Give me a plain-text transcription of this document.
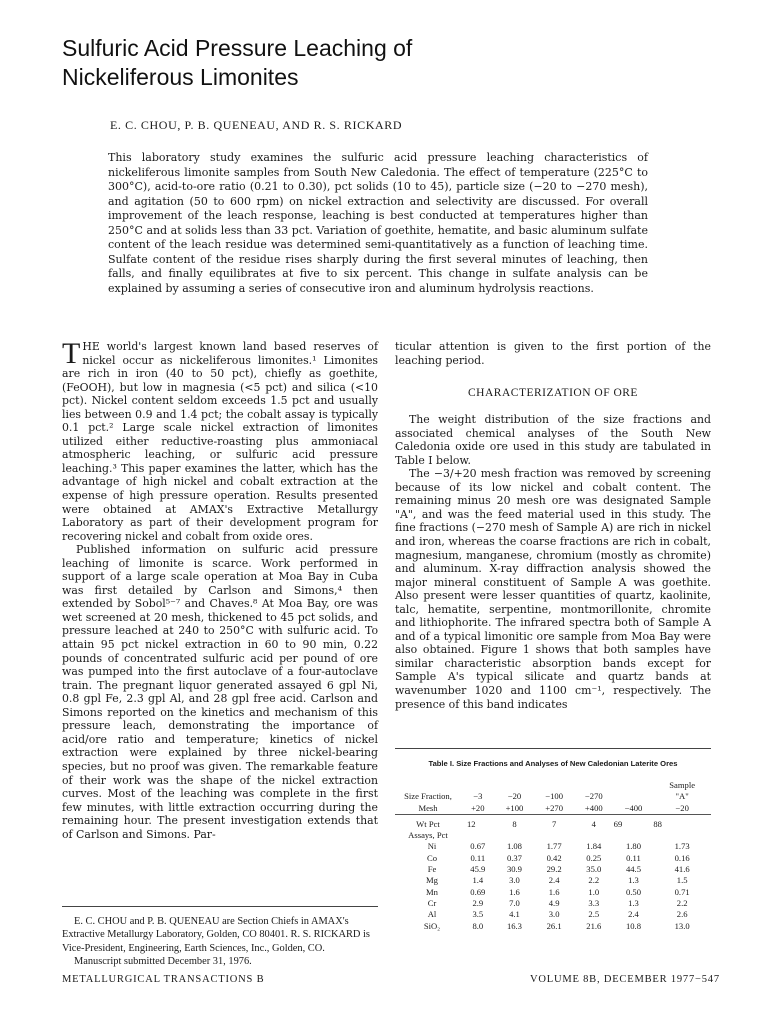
Sulfuric Acid Pressure Leaching of
Nickeliferous Limonites
E. C. CHOU, P. B. QUENEAU, AND R. S. RICKARD

This laboratory study examines the sulfuric acid pressure leaching characteristics of nickeliferous limonite samples from South New Caledonia. The effect of temperature (225°C to 300°C), acid-to-ore ratio (0.21 to 0.30), pct solids (10 to 45), particle size (−20 to −270 mesh), and agitation (50 to 600 rpm) on nickel extraction and selectivity are discussed. For overall improvement of the leach response, leaching is best conducted at temperatures higher than 250°C and at solids less than 33 pct. Variation of goethite, hematite, and basic aluminum sulfate content of the leach residue was determined semi-quantitatively as a function of leaching time. Sulfate content of the residue rises sharply during the first several minutes of leaching, then falls, and finally equilibrates at five to six percent. This change in sulfate analysis can be explained by assuming a series of consecutive iron and aluminum hydrolysis reactions.

THE world's largest known land based reserves of nickel occur as nickeliferous limonites.¹ Limonites are rich in iron (40 to 50 pct), chiefly as goethite, (FeOOH), but low in magnesia (<5 pct) and silica (<10 pct). Nickel content seldom exceeds 1.5 pct and usually lies between 0.9 and 1.4 pct; the cobalt assay is typically 0.1 pct.² Large scale nickel extraction of limonites utilized either reductive-roasting plus ammoniacal atmospheric leaching, or sulfuric acid pressure leaching.³ This paper examines the latter, which has the advantage of high nickel and cobalt extraction at the expense of high pressure operation. Results presented were obtained at AMAX's Extractive Metallurgy Laboratory as part of their development program for recovering nickel and cobalt from oxide ores.

Published information on sulfuric acid pressure leaching of limonite is scarce. Work performed in support of a large scale operation at Moa Bay in Cuba was first detailed by Carlson and Simons,⁴ then extended by Sobol⁵⁻⁷ and Chaves.⁸ At Moa Bay, ore was wet screened at 20 mesh, thickened to 45 pct solids, and pressure leached at 240 to 250°C with sulfuric acid. To attain 95 pct nickel extraction in 60 to 90 min, 0.22 pounds of concentrated sulfuric acid per pound of ore was pumped into the first autoclave of a four-autoclave train. The pregnant liquor generated assayed 6 gpl Ni, 0.8 gpl Fe, 2.3 gpl Al, and 28 gpl free acid. Carlson and Simons reported on the kinetics and mechanism of this pressure leach, demonstrating the importance of acid/ore ratio and temperature; kinetics of nickel extraction were explained by three nickel-bearing species, but no proof was given. The remarkable feature of their work was the shape of the nickel extraction curves. Most of the leaching was complete in the first few minutes, with little extraction occurring during the remaining hour. The present investigation extends that of Carlson and Simons. Par-

ticular attention is given to the first portion of the leaching period.

CHARACTERIZATION OF ORE

The weight distribution of the size fractions and associated chemical analyses of the South New Caledonia oxide ore used in this study are tabulated in Table I below.

The −3/+20 mesh fraction was removed by screening because of its low nickel and cobalt content. The remaining minus 20 mesh ore was designated Sample "A", and was the feed material used in this study. The fine fractions (−270 mesh of Sample A) are rich in nickel and iron, whereas the coarse fractions are rich in cobalt, magnesium, manganese, chromium (mostly as chromite) and aluminum. X-ray diffraction analysis showed the major mineral constituent of Sample A was goethite. Also present were lesser quantities of quartz, kaolinite, talc, hematite, serpentine, montmorillonite, chromite and lithiophorite. The infrared spectra both of Sample A and of a typical limonitic ore sample from Moa Bay were also obtained. Figure 1 shows that both samples have similar characteristic absorption bands except for Sample A's typical silicate and quartz bands at wavenumber 1020 and 1100 cm⁻¹, respectively. The presence of this band indicates

E. C. CHOU and P. B. QUENEAU are Section Chiefs in AMAX's Extractive Metallurgy Laboratory, Golden, CO 80401. R. S. RICKARD is Vice-President, Engineering, Earth Sciences, Inc., Golden, CO.

Manuscript submitted December 31, 1976.

Table I. Size Fractions and Analyses of New Caledonian Laterite Ores
						Sample
Size Fraction,	−3	−20	−100	−270		"A"
Mesh	+20	+100	+270	+400	−400	−20
Wt Pct	12	8	7	4	69	88
Assays, Pct						
Ni	0.67	1.08	1.77	1.84	1.80	1.73
Co	0.11	0.37	0.42	0.25	0.11	0.16
Fe	45.9	30.9	29.2	35.0	44.5	41.6
Mg	1.4	3.0	2.4	2.2	1.3	1.5
Mn	0.69	1.6	1.6	1.0	0.50	0.71
Cr	2.9	7.0	4.9	3.3	1.3	2.2
Al	3.5	4.1	3.0	2.5	2.4	2.6
SiO₂	8.0	16.3	26.1	21.6	10.8	13.0
METALLURGICAL TRANSACTIONS B	VOLUME 8B, DECEMBER 1977−547
